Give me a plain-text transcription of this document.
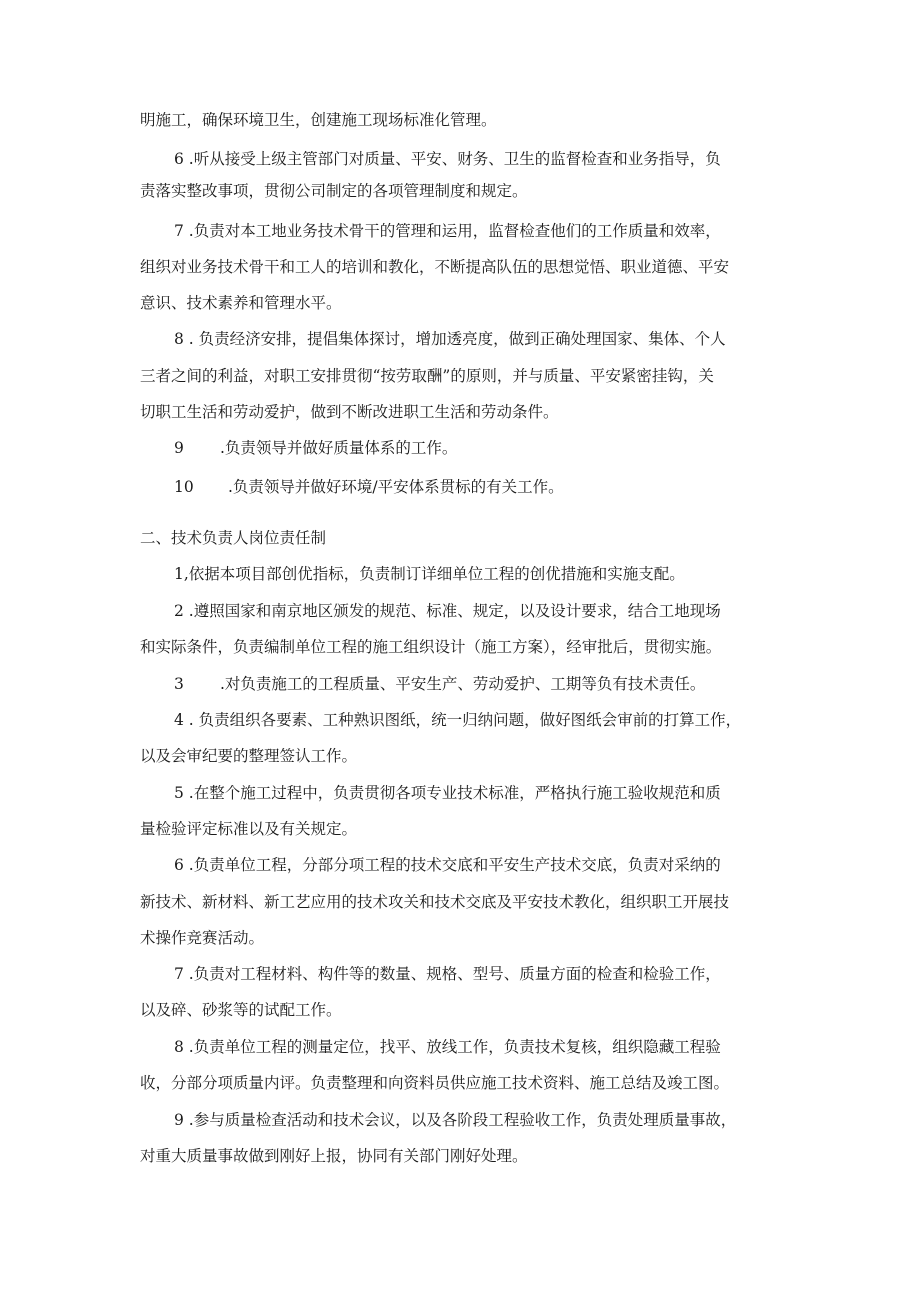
明施工，确保环境卫生，创建施工现场标准化管理。
6 .听从接受上级主管部门对质量、平安、财务、卫生的监督检查和业务指导，负
责落实整改事项，贯彻公司制定的各项管理制度和规定。
7 .负责对本工地业务技术骨干的管理和运用，监督检查他们的工作质量和效率，
组织对业务技术骨干和工人的培训和教化，不断提高队伍的思想觉悟、职业道德、平安
意识、技术素养和管理水平。
8 . 负责经济安排，提倡集体探讨，增加透亮度，做到正确处理国家、集体、个人
三者之间的利益，对职工安排贯彻“按劳取酬”的原则，并与质量、平安紧密挂钩，关
切职工生活和劳动爱护，做到不断改进职工生活和劳动条件。
9 .负责领导并做好质量体系的工作。
10 .负责领导并做好环境/平安体系贯标的有关工作。
二、技术负责人岗位责任制
1,依据本项目部创优指标，负责制订详细单位工程的创优措施和实施支配。
2 .遵照国家和南京地区颁发的规范、标准、规定，以及设计要求，结合工地现场
和实际条件，负责编制单位工程的施工组织设计（施工方案），经审批后，贯彻实施。
3 .对负责施工的工程质量、平安生产、劳动爱护、工期等负有技术责任。
4 . 负责组织各要素、工种熟识图纸，统一归纳问题，做好图纸会审前的打算工作，
以及会审纪要的整理签认工作。
5 .在整个施工过程中，负责贯彻各项专业技术标准，严格执行施工验收规范和质
量检验评定标准以及有关规定。
6 .负责单位工程，分部分项工程的技术交底和平安生产技术交底，负责对采纳的
新技术、新材料、新工艺应用的技术攻关和技术交底及平安技术教化，组织职工开展技
术操作竞赛活动。
7 .负责对工程材料、构件等的数量、规格、型号、质量方面的检查和检验工作，
以及碎、砂浆等的试配工作。
8 .负责单位工程的测量定位，找平、放线工作，负责技术复核，组织隐藏工程验
收，分部分项质量内评。负责整理和向资料员供应施工技术资料、施工总结及竣工图。
9 .参与质量检查活动和技术会议，以及各阶段工程验收工作，负责处理质量事故，
对重大质量事故做到刚好上报，协同有关部门刚好处理。
